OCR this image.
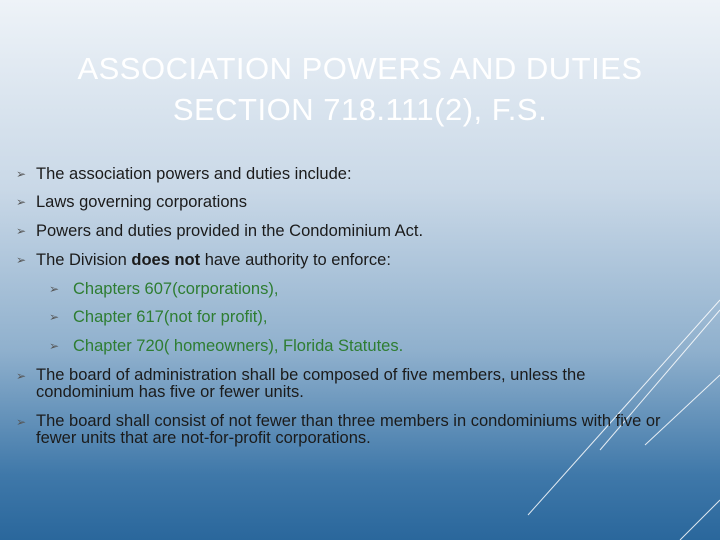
ASSOCIATION POWERS AND DUTIES
SECTION 718.111(2), F.S.
➢ The association powers and duties include:
➢ Laws governing corporations
➢ Powers and duties provided in the Condominium Act.
➢ The Division does not have authority to enforce:
➢ Chapters 607(corporations),
➢ Chapter 617(not for profit),
➢ Chapter 720( homeowners), Florida Statutes.
➢ The board of administration shall be composed of five members, unless the condominium has five or fewer units.
➢ The board shall consist of not fewer than three members in condominiums with five or fewer units that are not-for-profit corporations.
